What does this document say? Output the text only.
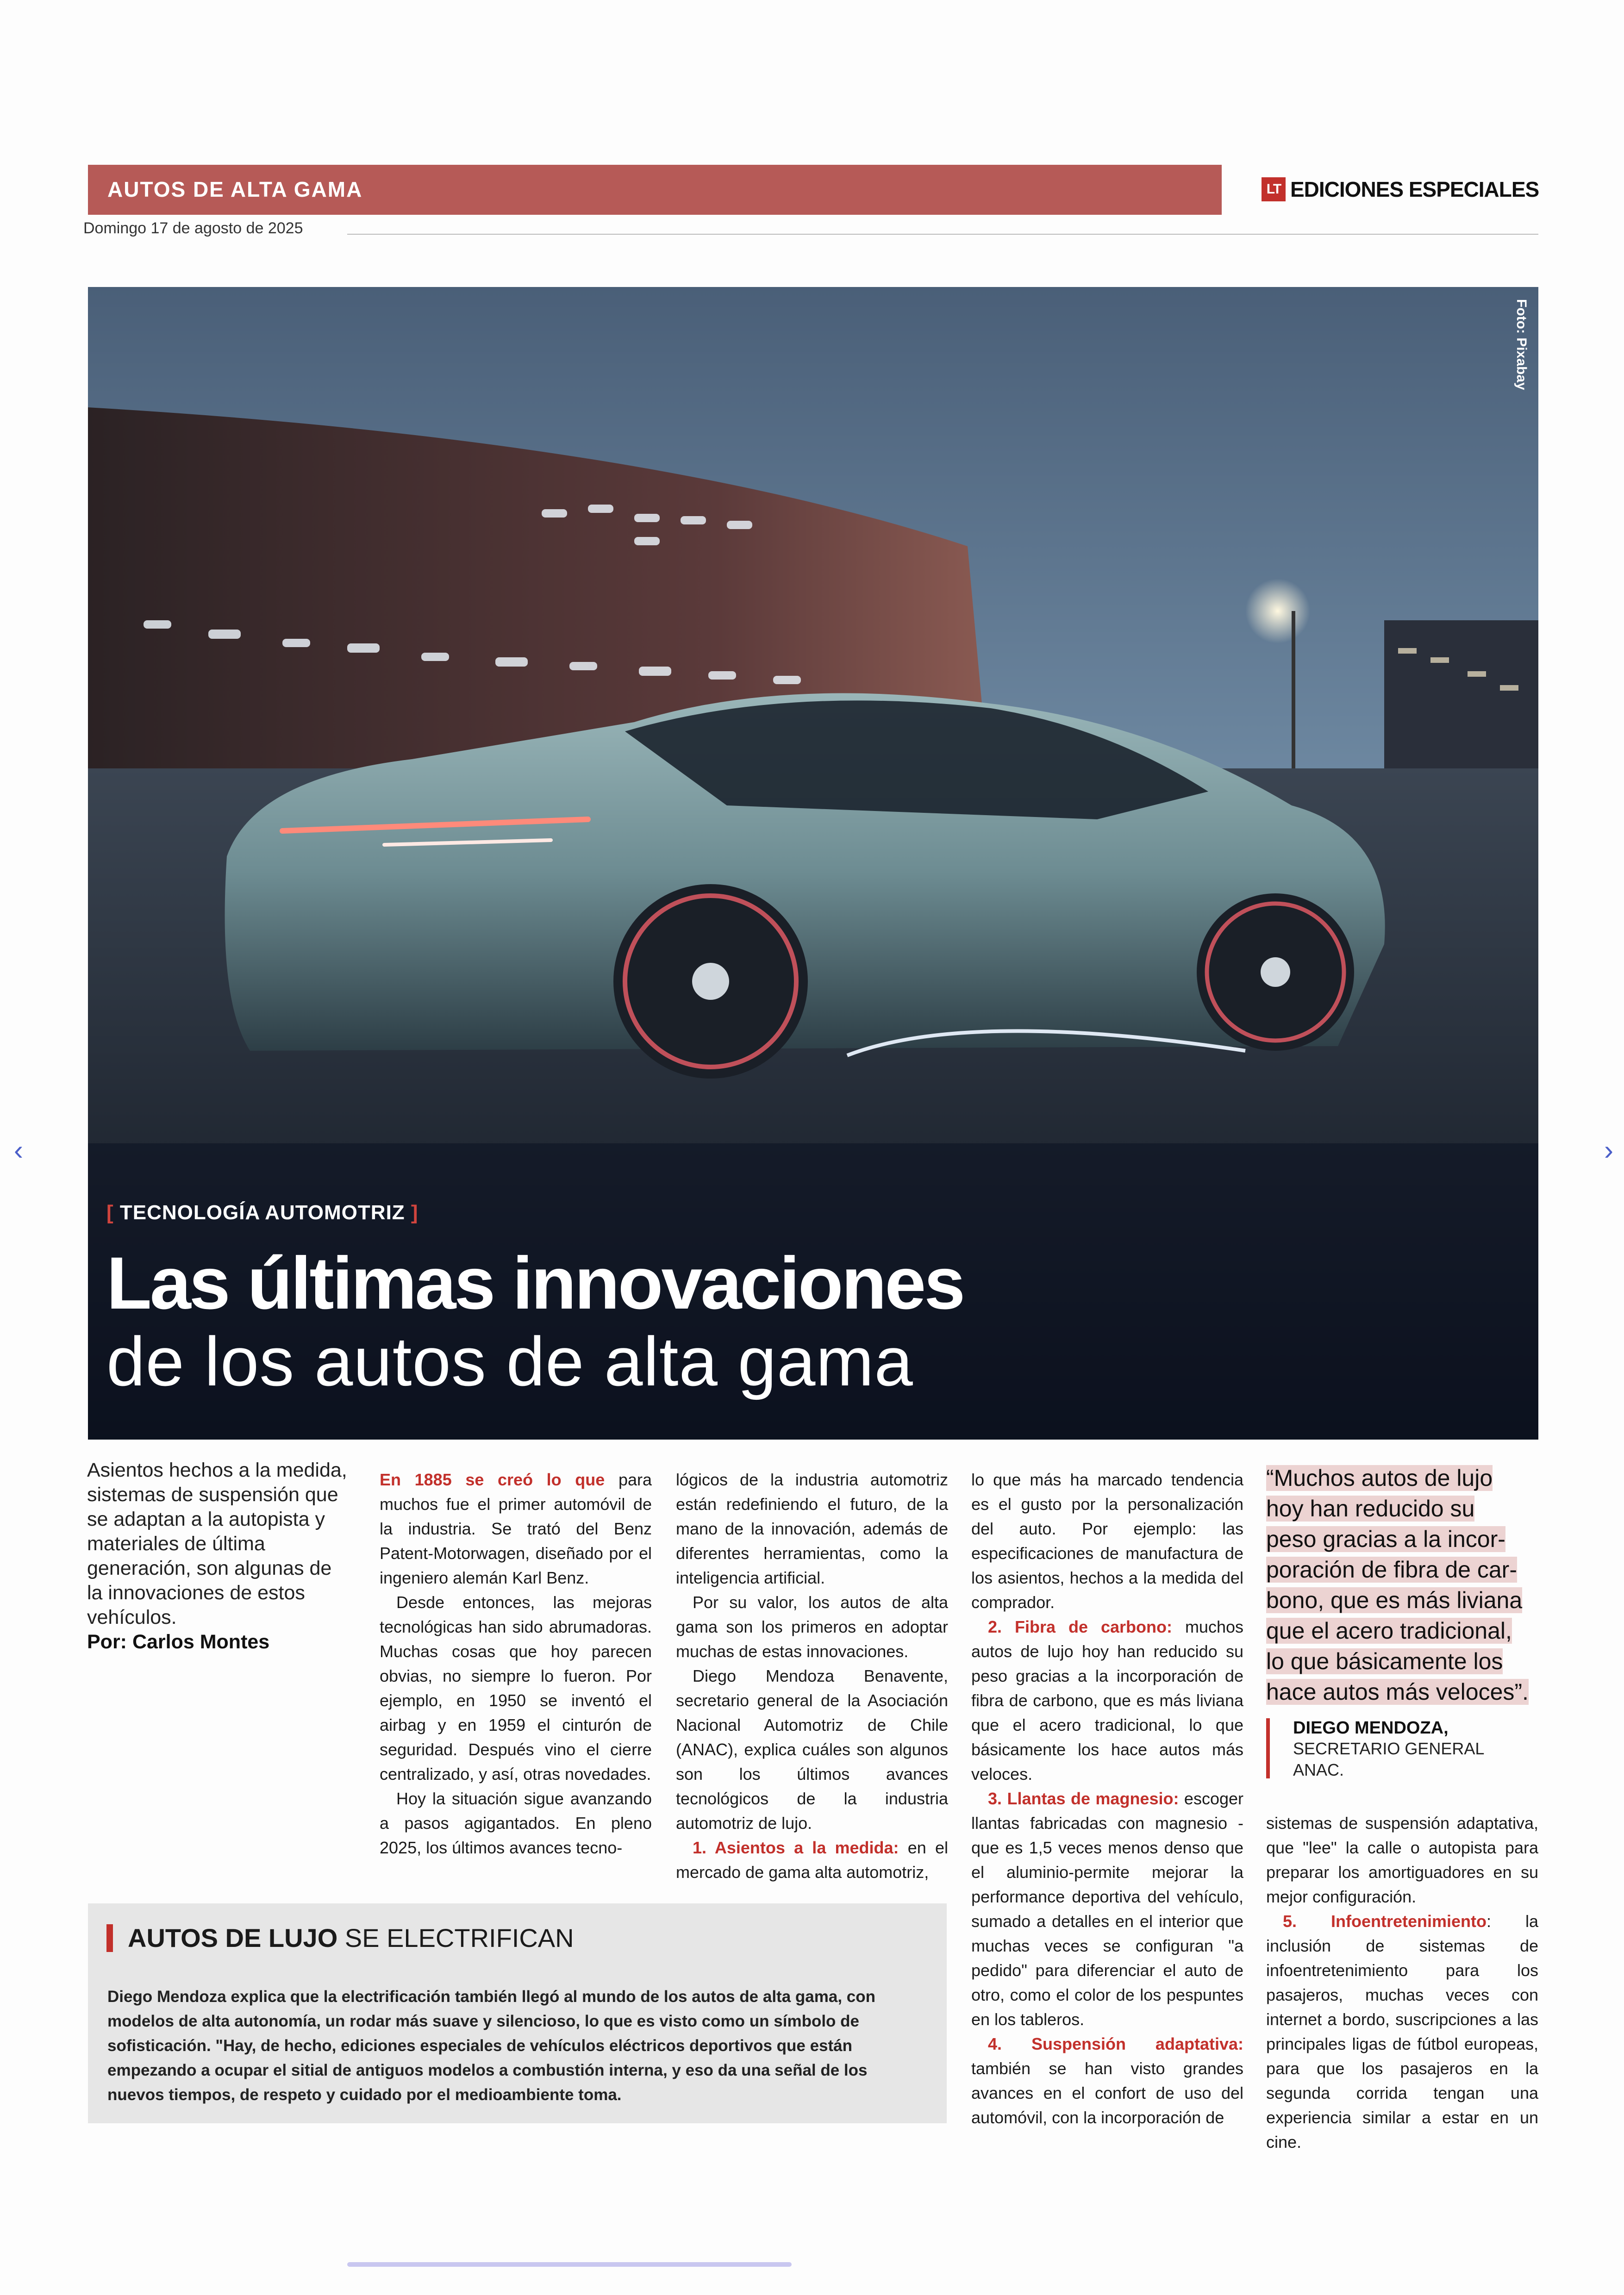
AUTOS DE ALTA GAMA	LT EDICIONES ESPECIALES
Domingo 17 de agosto de 2025
Foto: Pixabay
[ TECNOLOGÍA AUTOMOTRIZ ]
Las últimas innovaciones
de los autos de alta gama
‹	›
Asientos hechos a la medida, sistemas de suspensión que se adaptan a la autopista y materiales de última generación, son algunas de la innovaciones de estos vehículos.
Por: Carlos Montes

En 1885 se creó lo que para muchos fue el primer automóvil de la industria. Se trató del Benz Patent-Motorwagen, diseñado por el ingeniero alemán Karl Benz.

Desde entonces, las mejoras tecnológicas han sido abrumadoras. Muchas cosas que hoy parecen obvias, no siempre lo fueron. Por ejemplo, en 1950 se inventó el airbag y en 1959 el cinturón de seguridad. Después vino el cierre centralizado, y así, otras novedades.

Hoy la situación sigue avanzando a pasos agigantados. En pleno 2025, los últimos avances tecno-

lógicos de la industria automotriz están redefiniendo el futuro, de la mano de la innovación, además de diferentes herramientas, como la inteligencia artificial.

Por su valor, los autos de alta gama son los primeros en adoptar muchas de estas innovaciones.

Diego Mendoza Benavente, secretario general de la Asociación Nacional Automotriz de Chile (ANAC), explica cuáles son algunos son los últimos avances tecnológicos de la industria automotriz de lujo.

1. Asientos a la medida: en el mercado de gama alta automotriz,

lo que más ha marcado tendencia es el gusto por la personalización del auto. Por ejemplo: las especificaciones de manufactura de los asientos, hechos a la medida del comprador.

2. Fibra de carbono: muchos autos de lujo hoy han reducido su peso gracias a la incorporación de fibra de carbono, que es más liviana que el acero tradicional, lo que básicamente los hace autos más veloces.

3. Llantas de magnesio: escoger llantas fabricadas con magnesio -que es 1,5 veces menos denso que el aluminio-permite mejorar la performance deportiva del vehículo, sumado a detalles en el interior que muchas veces se configuran "a pedido" para diferenciar el auto de otro, como el color de los pespuntes en los tableros.

4. Suspensión adaptativa: también se han visto grandes avances en el confort de uso del automóvil, con la incorporación de

“Muchos autos de lujo
hoy han reducido su
peso gracias a la incor-
poración de fibra de car-
bono, que es más liviana
que el acero tradicional,
lo que básicamente los
hace autos más veloces”.
DIEGO MENDOZA,
SECRETARIO GENERAL
ANAC.

sistemas de suspensión adaptativa, que "lee" la calle o autopista para preparar los amortiguadores en su mejor configuración.

5. Infoentretenimiento: la inclusión de sistemas de infoentretenimiento para los pasajeros, muchas veces con internet a bordo, suscripciones a las principales ligas de fútbol europeas, para que los pasajeros en la segunda corrida tengan una experiencia similar a estar en un cine.

AUTOS DE LUJO SE ELECTRIFICAN
Diego Mendoza explica que la electrificación también llegó al mundo de los autos de alta gama, con modelos de alta autonomía, un rodar más suave y silencioso, lo que es visto como un símbolo de sofisticación. "Hay, de hecho, ediciones especiales de vehículos eléctricos deportivos que están empezando a ocupar el sitial de antiguos modelos a combustión interna, y eso da una señal de los nuevos tiempos, de respeto y cuidado por el medioambiente toma.
